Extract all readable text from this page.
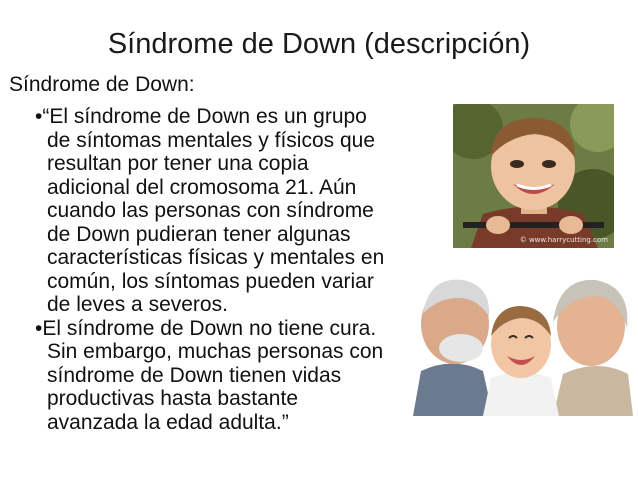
Síndrome de Down (descripción)
Síndrome de Down:
•“El síndrome de Down es un grupo
de síntomas mentales y físicos que
resultan por tener una copia
adicional del cromosoma 21. Aún
cuando las personas con síndrome
de Down pudieran tener algunas
características físicas y mentales en
común, los síntomas pueden variar
de leves a severos.
•El síndrome de Down no tiene cura.
Sin embargo, muchas personas con
síndrome de Down tienen vidas
productivas hasta bastante
avanzada la edad adulta.”
© www.harrycutting.com
